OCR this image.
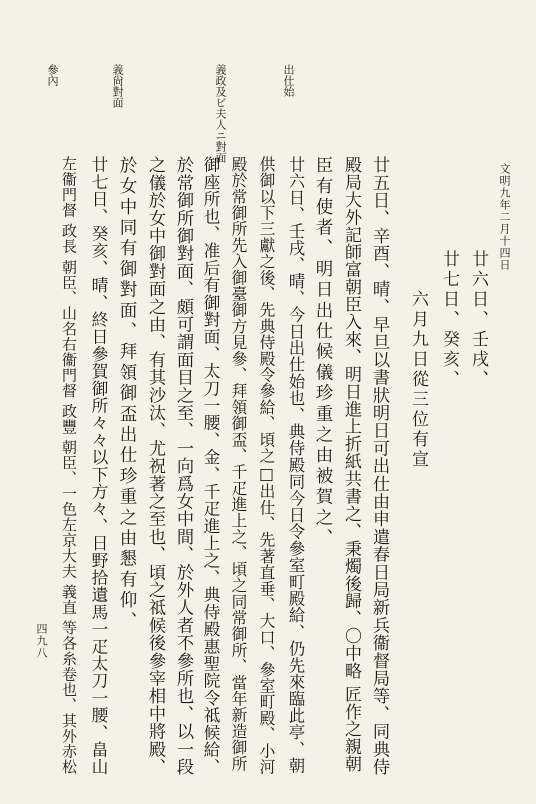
文明九年二月十四日
四九八
出仕始
義政及ビ夫人ニ對面
義尙對面
參內
廿六日、壬戌、
廿七日、癸亥、
六月九日從三位有宣
廿五日、辛酉、晴、早旦以書狀明日可出仕由申遣春日局新兵衞督局等、同典侍
殿局大外記師富朝臣入來、明日進上折紙共書之、秉燭後歸、〇中略 匠作之親朝
臣有使者、明日出仕候儀珍重之由被賀之、
廿六日、壬戌、晴、今日出仕始也、典侍殿同今日令參室町殿給、仍先來臨此亭、朝
供御以下三獻之後、先典侍殿令參給、頃之□出仕、先著直垂、大口、參室町殿、小河
殿於常御所先入御臺御方見參、拜領御盃、千疋進上之、頃之同常御所、當年新造御所
御座所也、准后有御對面、太刀一腰、金、千疋進上之、典侍殿惠聖院令祗候給、
於常御所御對面、頗可謂面目之至、一向爲女中間、於外人者不參所也、以一段
之儀於女中御對面之由、有其沙汰、尤祝著之至也、頃之祗候後參宰相中將殿、
於女中同有御對面、拜領御盃出仕珍重之由懇有仰、
廿七日、癸亥、晴、終日參賀御所々々以下方々、日野拾遺馬一疋太刀一腰、畠山
左衞門督 政長 朝臣、山名右衞門督 政豐 朝臣、一色左京大夫 義直 等各糸卷也、其外赤松
